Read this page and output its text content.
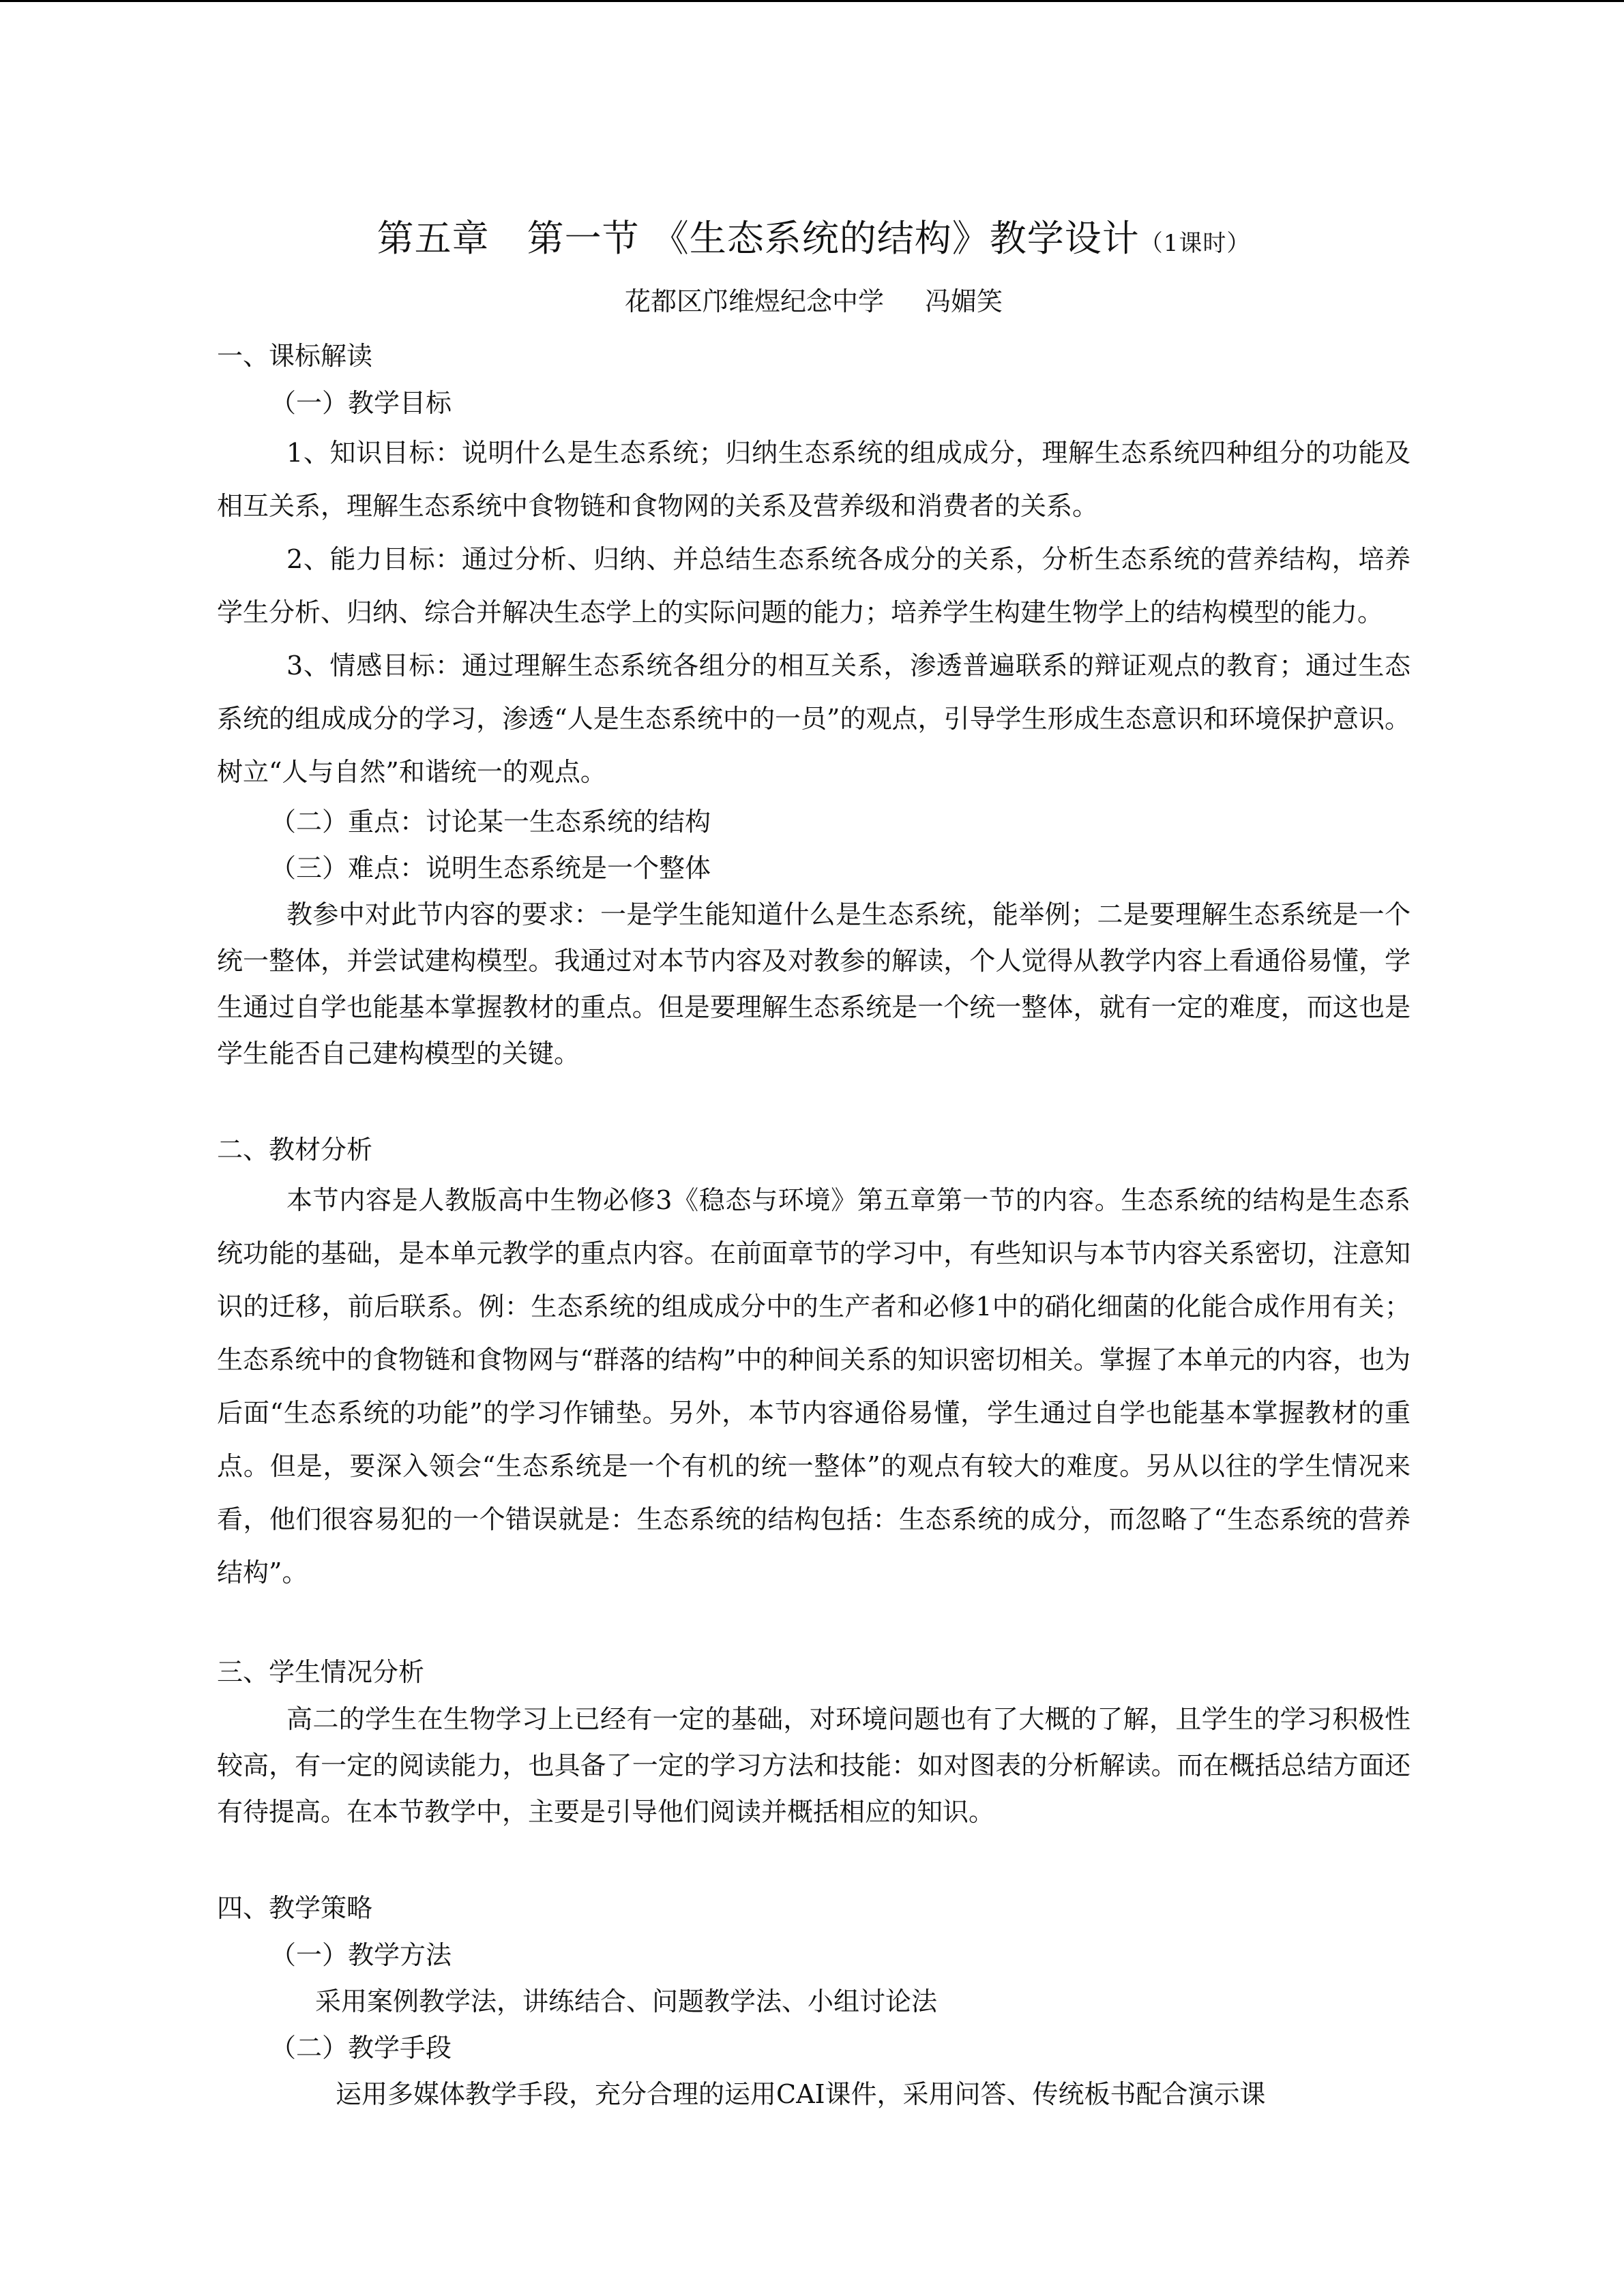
第五章　第一节 《生态系统的结构》教学设计（1课时）

花都区邝维煜纪念中学 冯媚笑

一、课标解读

（一）教学目标

1、知识目标：说明什么是生态系统；归纳生态系统的组成成分，理解生态系统四种组分的功能及相互关系，理解生态系统中食物链和食物网的关系及营养级和消费者的关系。

2、能力目标：通过分析、归纳、并总结生态系统各成分的关系，分析生态系统的营养结构，培养学生分析、归纳、综合并解决生态学上的实际问题的能力；培养学生构建生物学上的结构模型的能力。

3、情感目标：通过理解生态系统各组分的相互关系，渗透普遍联系的辩证观点的教育；通过生态系统的组成成分的学习，渗透“人是生态系统中的一员”的观点，引导学生形成生态意识和环境保护意识。树立“人与自然”和谐统一的观点。

（二）重点：讨论某一生态系统的结构

（三）难点：说明生态系统是一个整体

教参中对此节内容的要求：一是学生能知道什么是生态系统，能举例；二是要理解生态系统是一个统一整体，并尝试建构模型。我通过对本节内容及对教参的解读，个人觉得从教学内容上看通俗易懂，学生通过自学也能基本掌握教材的重点。但是要理解生态系统是一个统一整体，就有一定的难度，而这也是学生能否自己建构模型的关键。

二、教材分析

本节内容是人教版高中生物必修3《稳态与环境》第五章第一节的内容。生态系统的结构是生态系统功能的基础，是本单元教学的重点内容。在前面章节的学习中，有些知识与本节内容关系密切，注意知识的迁移，前后联系。例：生态系统的组成成分中的生产者和必修1中的硝化细菌的化能合成作用有关；生态系统中的食物链和食物网与“群落的结构”中的种间关系的知识密切相关。掌握了本单元的内容，也为后面“生态系统的功能”的学习作铺垫。另外，本节内容通俗易懂，学生通过自学也能基本掌握教材的重点。但是，要深入领会“生态系统是一个有机的统一整体”的观点有较大的难度。另从以往的学生情况来看，他们很容易犯的一个错误就是：生态系统的结构包括：生态系统的成分，而忽略了“生态系统的营养结构”。

三、学生情况分析

高二的学生在生物学习上已经有一定的基础，对环境问题也有了大概的了解，且学生的学习积极性较高，有一定的阅读能力，也具备了一定的学习方法和技能：如对图表的分析解读。而在概括总结方面还有待提高。在本节教学中，主要是引导他们阅读并概括相应的知识。

四、教学策略

（一）教学方法

采用案例教学法，讲练结合、问题教学法、小组讨论法

（二）教学手段

运用多媒体教学手段，充分合理的运用CAI课件，采用问答、传统板书配合演示课
